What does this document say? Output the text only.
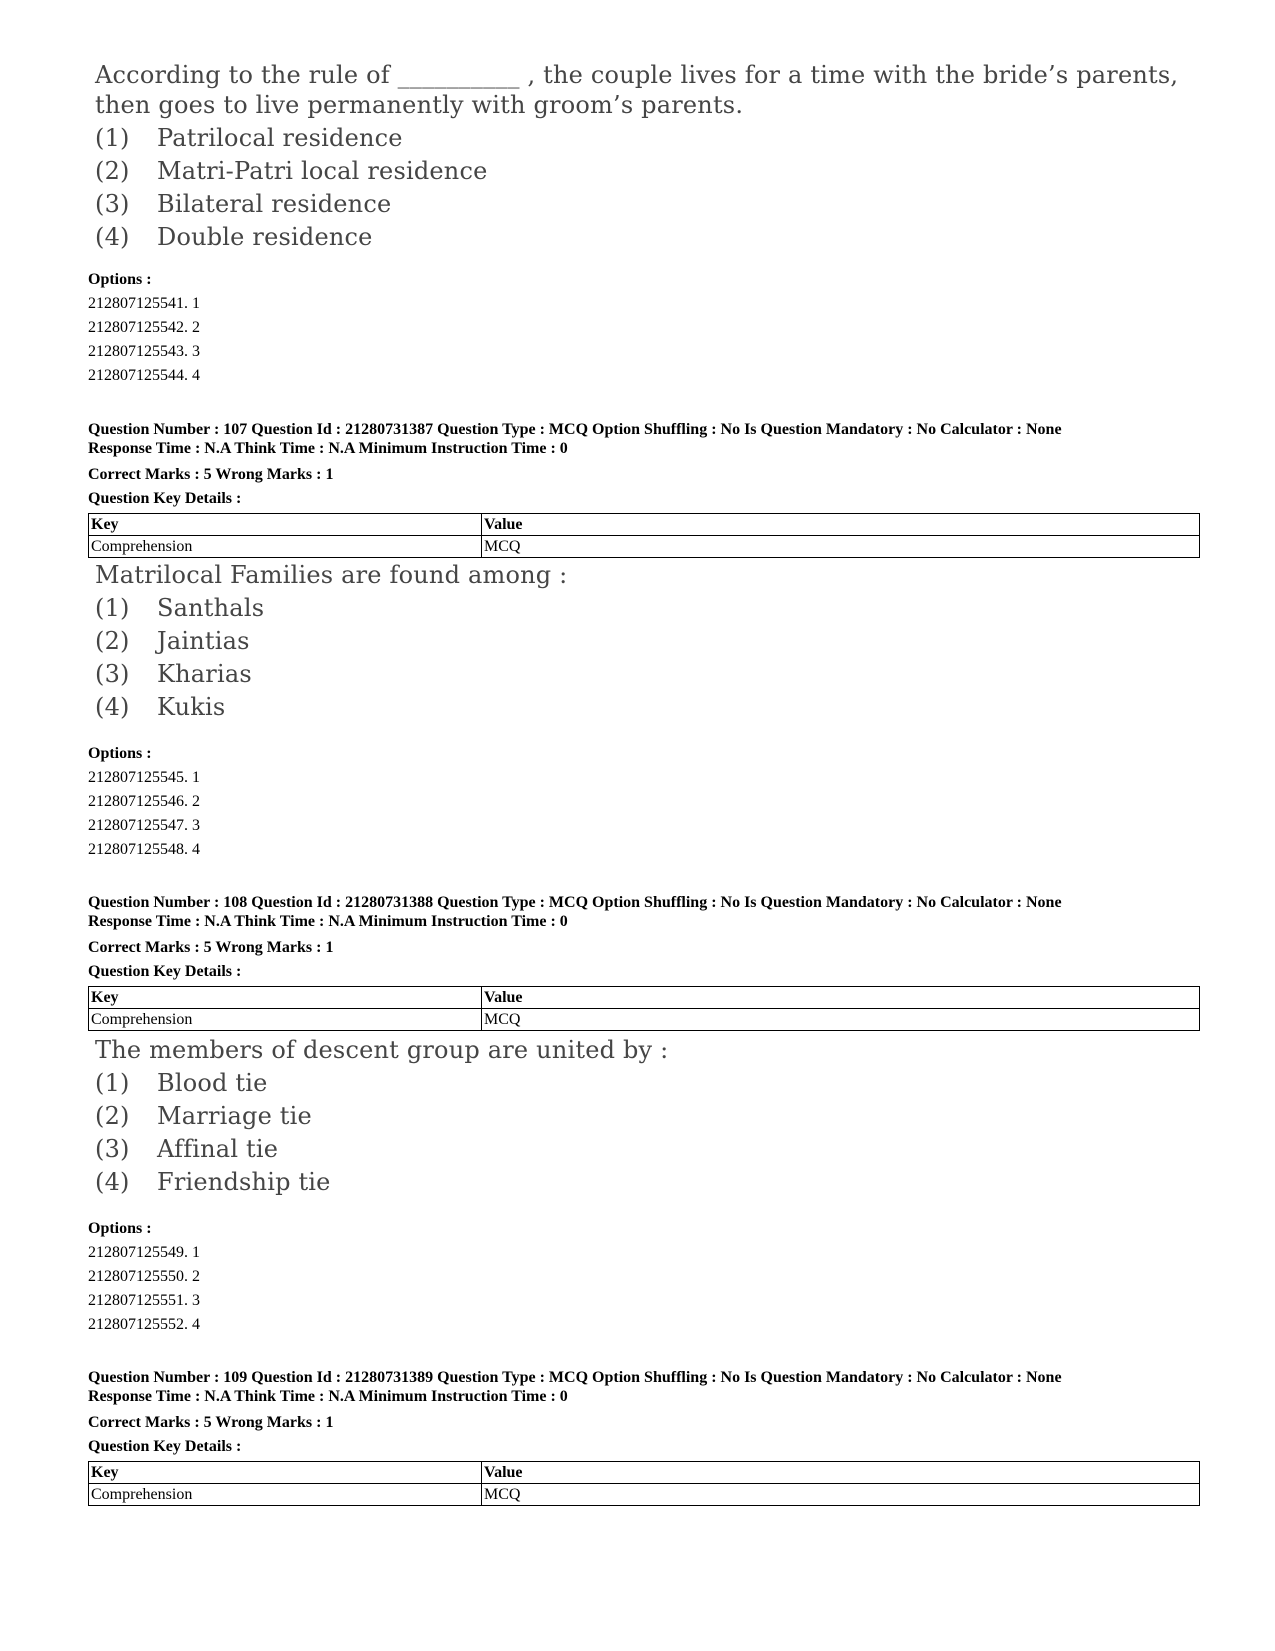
According to the rule of __________ , the couple lives for a time with the bride’s parents, then goes to live permanently with groom’s parents.
(1)	Patrilocal residence
(2)	Matri-Patri local residence
(3)	Bilateral residence
(4)	Double residence
Options :
212807125541. 1
212807125542. 2
212807125543. 3
212807125544. 4
Question Number : 107 Question Id : 21280731387 Question Type : MCQ Option Shuffling : No Is Question Mandatory : No Calculator : None
Response Time : N.A Think Time : N.A Minimum Instruction Time : 0
Correct Marks : 5 Wrong Marks : 1
Question Key Details :
Key	Value
Comprehension	MCQ
Matrilocal Families are found among :
(1)	Santhals
(2)	Jaintias
(3)	Kharias
(4)	Kukis
Options :
212807125545. 1
212807125546. 2
212807125547. 3
212807125548. 4
Question Number : 108 Question Id : 21280731388 Question Type : MCQ Option Shuffling : No Is Question Mandatory : No Calculator : None
Response Time : N.A Think Time : N.A Minimum Instruction Time : 0
Correct Marks : 5 Wrong Marks : 1
Question Key Details :
Key	Value
Comprehension	MCQ
The members of descent group are united by :
(1)	Blood tie
(2)	Marriage tie
(3)	Affinal tie
(4)	Friendship tie
Options :
212807125549. 1
212807125550. 2
212807125551. 3
212807125552. 4
Question Number : 109 Question Id : 21280731389 Question Type : MCQ Option Shuffling : No Is Question Mandatory : No Calculator : None
Response Time : N.A Think Time : N.A Minimum Instruction Time : 0
Correct Marks : 5 Wrong Marks : 1
Question Key Details :
Key	Value
Comprehension	MCQ
